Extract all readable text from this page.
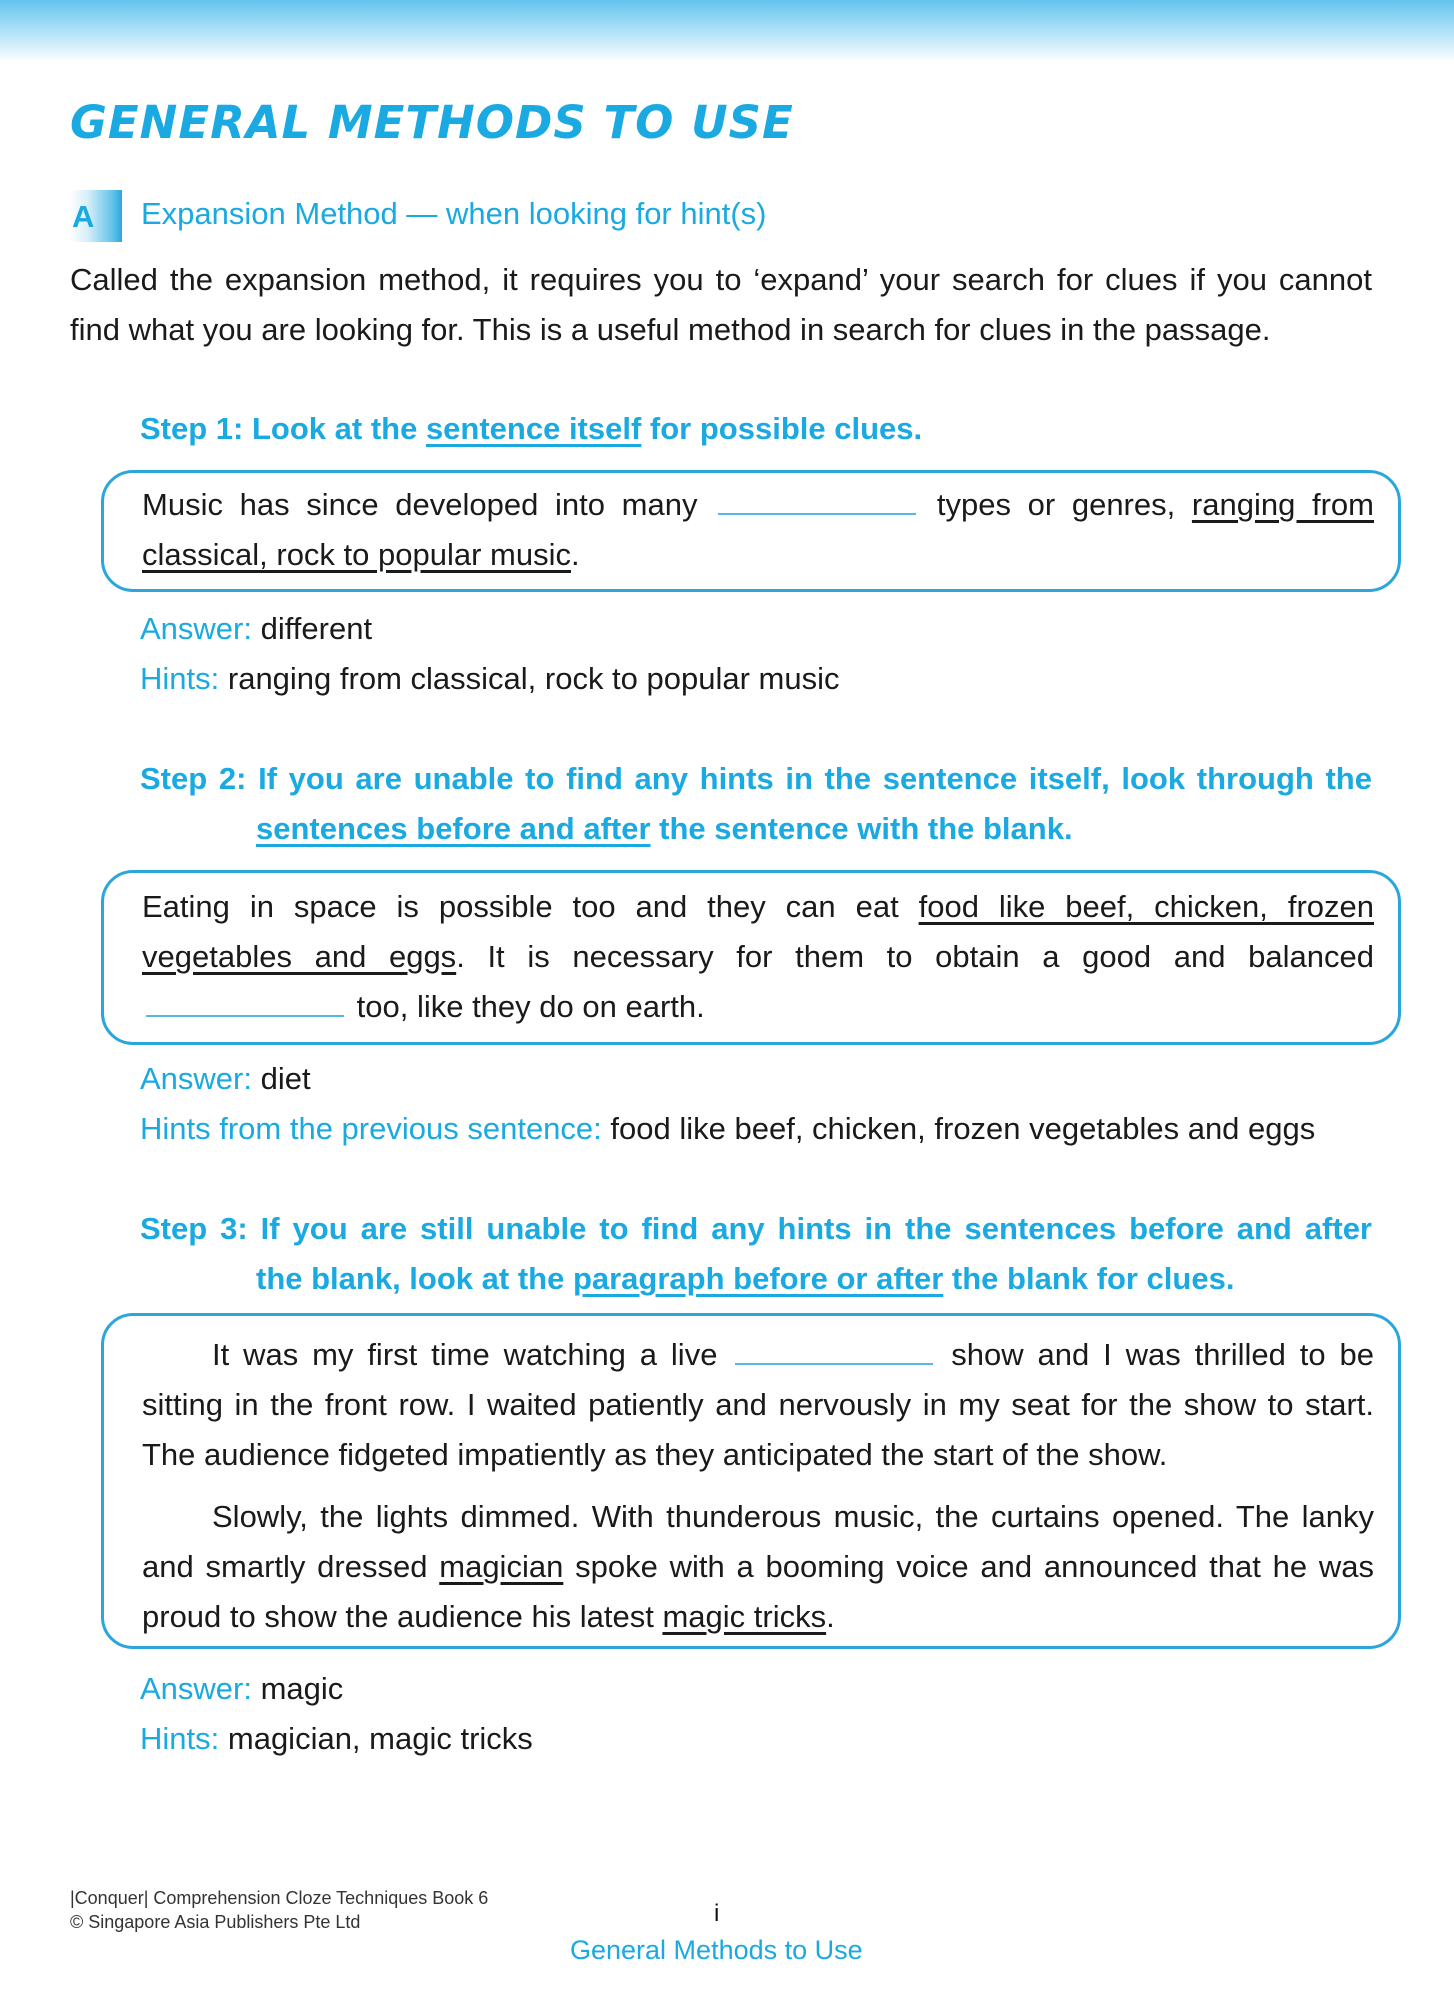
GENERAL METHODS TO USE
A Expansion Method — when looking for hint(s)
Called the expansion method, it requires you to ‘expand’ your search for clues if you cannot find what you are looking for. This is a useful method in search for clues in the passage.
Step 1: Look at the sentence itself for possible clues.
Music has since developed into many	types or genres, ranging from classical, rock to popular music.
Answer: different
Hints: ranging from classical, rock to popular music
Step 2: If you are unable to find any hints in the sentence itself, look through the
sentences before and after the sentence with the blank.
Eating in space is possible too and they can eat food like beef, chicken, frozen vegetables and eggs. It is necessary for them to obtain a good and balanced  too, like they do on earth.
Answer: diet
Hints from the previous sentence: food like beef, chicken, frozen vegetables and eggs
Step 3: If you are still unable to find any hints in the sentences before and after
the blank, look at the paragraph before or after the blank for clues.
It was my first time watching a live	show and I was thrilled to be sitting in the front row. I waited patiently and nervously in my seat for the show to start. The audience fidgeted impatiently as they anticipated the start of the show.
Slowly, the lights dimmed. With thunderous music, the curtains opened. The lanky and smartly dressed magician spoke with a booming voice and announced that he was proud to show the audience his latest magic tricks.
Answer: magic
Hints: magician, magic tricks
|Conquer| Comprehension Cloze Techniques Book 6
© Singapore Asia Publishers Pte Ltd	i
General Methods to Use
